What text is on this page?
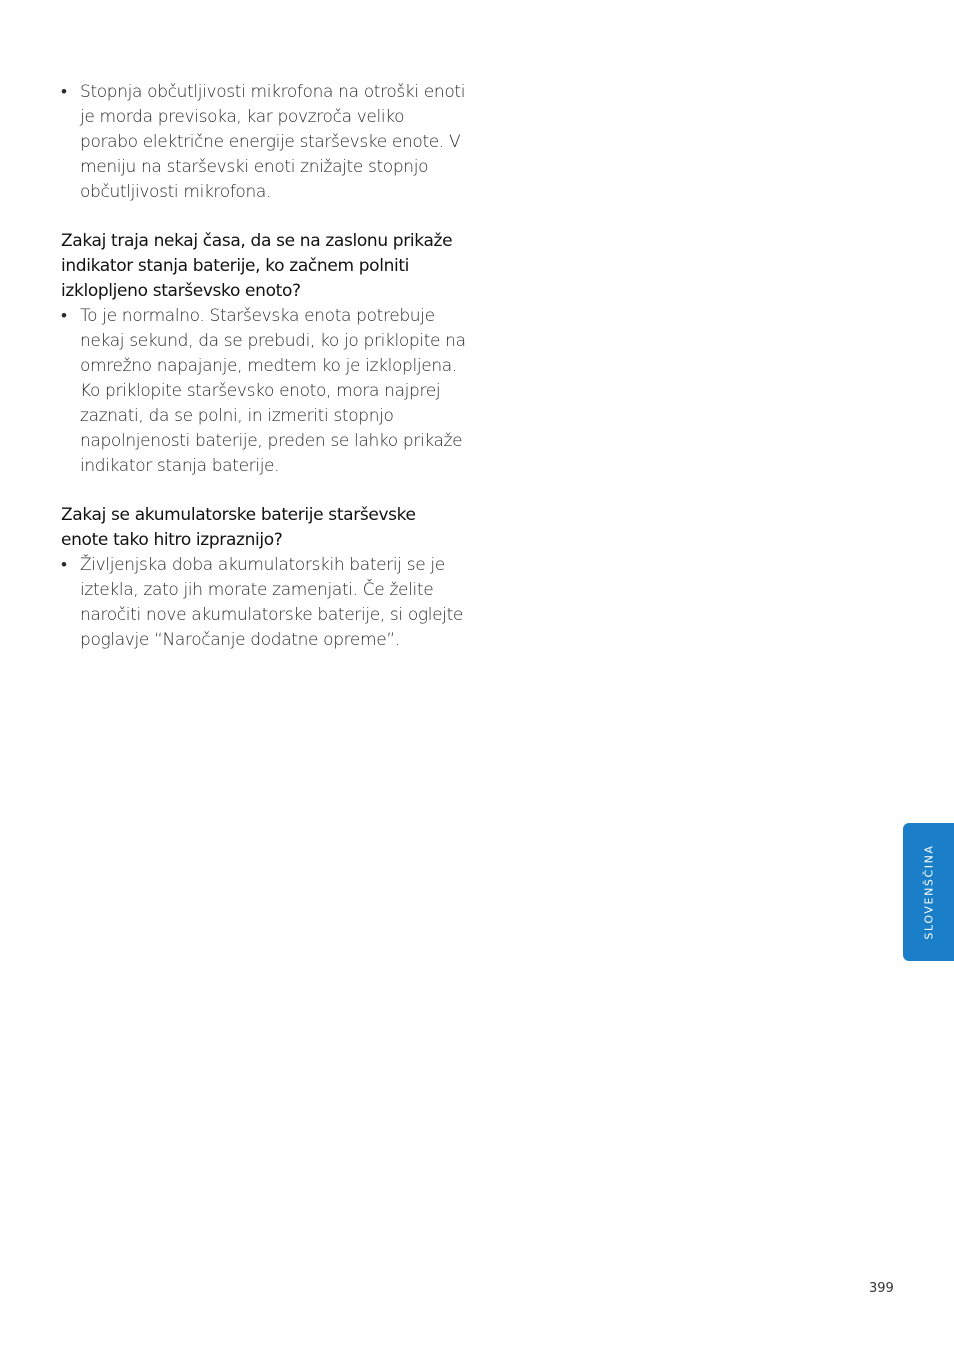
• Stopnja občutljivosti mikrofona na otroški enoti je morda previsoka, kar povzroča veliko porabo električne energije starševske enote. V meniju na starševski enoti znižajte stopnjo občutljivosti mikrofona.
Zakaj traja nekaj časa, da se na zaslonu prikaže indikator stanja baterije, ko začnem polniti izklopljeno starševsko enoto?
• To je normalno. Starševska enota potrebuje nekaj sekund, da se prebudi, ko jo priklopite na omrežno napajanje, medtem ko je izklopljena. Ko priklopite starševsko enoto, mora najprej zaznati, da se polni, in izmeriti stopnjo napolnjenosti baterije, preden se lahko prikaže indikator stanja baterije.
Zakaj se akumulatorske baterije starševske enote tako hitro izpraznijo?
• Življenjska doba akumulatorskih baterij se je iztekla, zato jih morate zamenjati. Če želite naročiti nove akumulatorske baterije, si oglejte poglavje “Naročanje dodatne opreme”.
SLOVENŠČINA
399
